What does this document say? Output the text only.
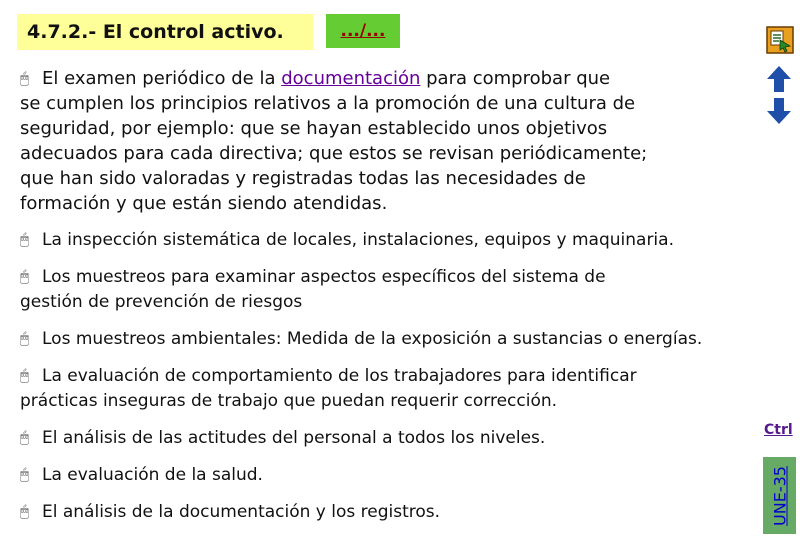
4.7.2.- El control activo.	.../...

🖱 El examen periódico de la documentación para comprobar que
se cumplen los principios relativos a la promoción de una cultura de
seguridad, por ejemplo: que se hayan establecido unos objetivos
adecuados para cada directiva; que estos se revisan periódicamente;
que han sido valoradas y registradas todas las necesidades de
formación y que están siendo atendidas.

🖱 La inspección sistemática de locales, instalaciones, equipos y maquinaria.

🖱 Los muestreos para examinar aspectos específicos del sistema de
gestión de prevención de riesgos

🖱 Los muestreos ambientales: Medida de la exposición a sustancias o energías.

🖱 La evaluación de comportamiento de los trabajadores para identificar
prácticas inseguras de trabajo que puedan requerir corrección.

🖱 El análisis de las actitudes del personal a todos los niveles.

🖱 La evaluación de la salud.

🖱 El análisis de la documentación y los registros.

Ctrl
UNE-35
